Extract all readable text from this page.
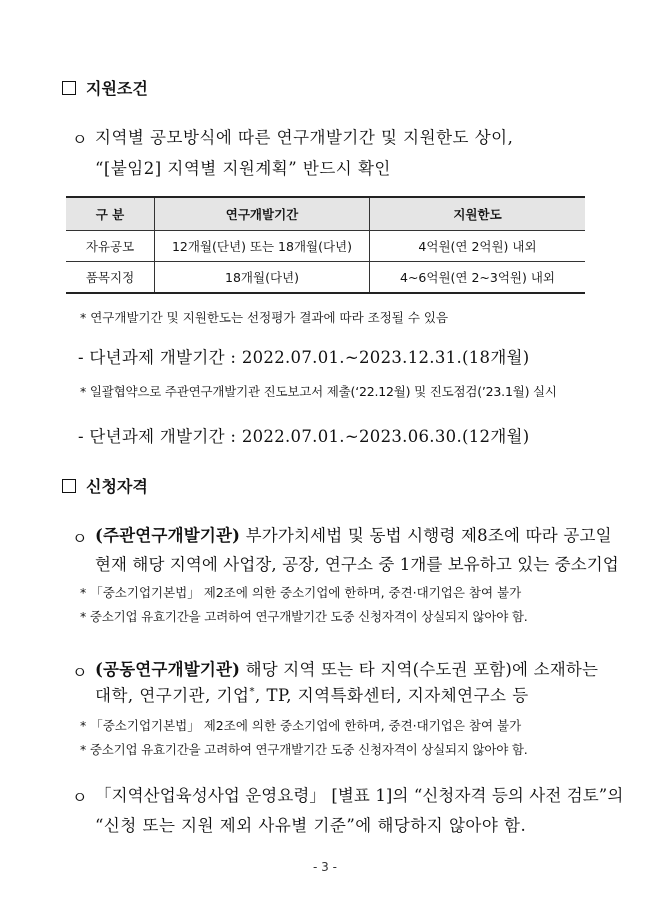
지원조건
ㅇ 지역별 공모방식에 따른 연구개발기간 및 지원한도 상이,
“[붙임2] 지역별 지원계획” 반드시 확인
구 분	연구개발기간	지원한도
자유공모	12개월(단년) 또는 18개월(다년)	4억원(연 2억원) 내외
품목지정	18개월(다년)	4~6억원(연 2~3억원) 내외
* 연구개발기간 및 지원한도는 선정평가 결과에 따라 조정될 수 있음
- 다년과제 개발기간 : 2022.07.01.~2023.12.31.(18개월)
* 일괄협약으로 주관연구개발기관 진도보고서 제출(‘22.12월) 및 진도점검(’23.1월) 실시
- 단년과제 개발기간 : 2022.07.01.~2023.06.30.(12개월)
신청자격
ㅇ (주관연구개발기관) 부가가치세법 및 동법 시행령 제8조에 따라 공고일
현재 해당 지역에 사업장, 공장, 연구소 중 1개를 보유하고 있는 중소기업
* 「중소기업기본법」 제2조에 의한 중소기업에 한하며, 중견·대기업은 참여 불가
* 중소기업 유효기간을 고려하여 연구개발기간 도중 신청자격이 상실되지 않아야 함.
ㅇ (공동연구개발기관) 해당 지역 또는 타 지역(수도권 포함)에 소재하는
대학, 연구기관, 기업*, TP, 지역특화센터, 지자체연구소 등
* 「중소기업기본법」 제2조에 의한 중소기업에 한하며, 중견·대기업은 참여 불가
* 중소기업 유효기간을 고려하여 연구개발기간 도중 신청자격이 상실되지 않아야 함.
ㅇ 「지역산업육성사업 운영요령」 [별표 1]의 “신청자격 등의 사전 검토”의
“신청 또는 지원 제외 사유별 기준”에 해당하지 않아야 함.
- 3 -
